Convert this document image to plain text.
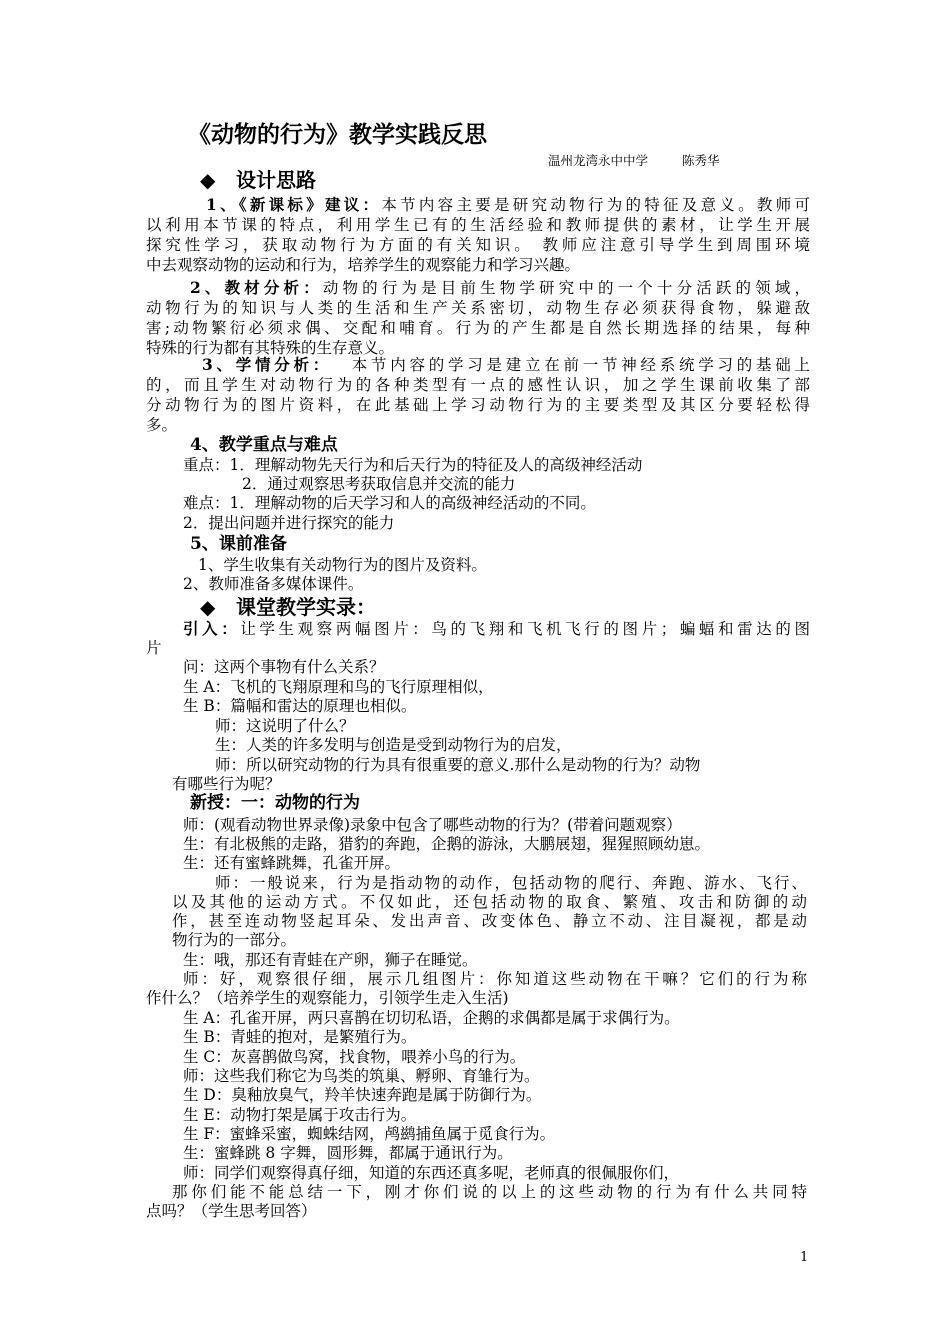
《动物的行为》教学实践反思
温州龙湾永中中学	陈秀华
◆ 设计思路
1、《新课标》建议：本节内容主要是研究动物行为的特征及意义。教师可
以利用本节课的特点，利用学生已有的生活经验和教师提供的素材，让学生开展
探究性学习，获取动物行为方面的有关知识。 教师应注意引导学生到周围环境
中去观察动物的运动和行为，培养学生的观察能力和学习兴趣。
2、教材分析：动物的行为是目前生物学研究中的一个十分活跃的领域，
动物行为的知识与人类的生活和生产关系密切，动物生存必须获得食物，躲避敌
害;动物繁衍必须求偶、交配和哺育。行为的产生都是自然长期选择的结果，每种
特殊的行为都有其特殊的生存意义。
3、学情分析： 本节内容的学习是建立在前一节神经系统学习的基础上
的，而且学生对动物行为的各种类型有一点的感性认识，加之学生课前收集了部
分动物行为的图片资料，在此基础上学习动物行为的主要类型及其区分要轻松得
多。
4、教学重点与难点
重点：1．理解动物先天行为和后天行为的特征及人的高级神经活动
2．通过观察思考获取信息并交流的能力
难点：1．理解动物的后天学习和人的高级神经活动的不同。
2．提出问题并进行探究的能力
5、课前准备
1、学生收集有关动物行为的图片及资料。
2、教师准备多媒体课件。
◆ 课堂教学实录：
引入：让学生观察两幅图片：鸟的飞翔和飞机飞行的图片；蝙蝠和雷达的图
片
问：这两个事物有什么关系？
生 A：飞机的飞翔原理和鸟的飞行原理相似，
生 B：篇幅和雷达的原理也相似。
师：这说明了什么？
生：人类的许多发明与创造是受到动物行为的启发，
师：所以研究动物的行为具有很重要的意义.那什么是动物的行为？动物
有哪些行为呢？
新授：一：动物的行为
师：(观看动物世界录像)录象中包含了哪些动物的行为？(带着问题观察）
生：有北极熊的走路，猎豹的奔跑，企鹅的游泳，大鹏展翅，猩猩照顾幼崽。
生：还有蜜蜂跳舞，孔雀开屏。
师：一般说来，行为是指动物的动作，包括动物的爬行、奔跑、游水、飞行、
以及其他的运动方式。不仅如此，还包括动物的取食、繁殖、攻击和防御的动
作，甚至连动物竖起耳朵、发出声音、改变体色、静立不动、注目凝视，都是动
物行为的一部分。
生：哦，那还有青蛙在产卵，狮子在睡觉。
师：好，观察很仔细，展示几组图片：你知道这些动物在干嘛？它们的行为称
作什么？（培养学生的观察能力，引领学生走入生活)
生 A：孔雀开屏，两只喜鹊在切切私语，企鹅的求偶都是属于求偶行为。
生 B：青蛙的抱对，是繁殖行为。
生 C：灰喜鹊做鸟窝，找食物，喂养小鸟的行为。
师：这些我们称它为鸟类的筑巢、孵卵、育雏行为。
生 D：臭釉放臭气，羚羊快速奔跑是属于防御行为。
生 E：动物打架是属于攻击行为。
生 F：蜜蜂采蜜，蜘蛛结网，鸬鹚捕鱼属于觅食行为。
生：蜜蜂跳 8 字舞，圆形舞，都属于通讯行为。
师：同学们观察得真仔细，知道的东西还真多呢，老师真的很佩服你们，
那你们能不能总结一下，刚才你们说的以上的这些动物的行为有什么共同特
点吗？（学生思考回答）
1
